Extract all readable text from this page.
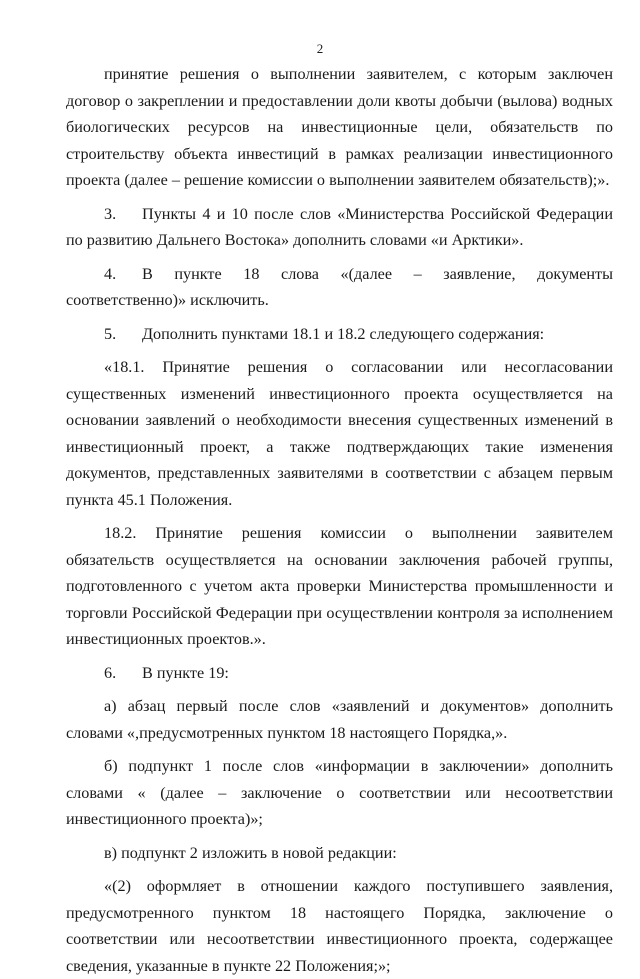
2

принятие решения о выполнении заявителем, с которым заключен договор о закреплении и предоставлении доли квоты добычи (вылова) водных биологических ресурсов на инвестиционные цели, обязательств по строительству объекта инвестиций в рамках реализации инвестиционного проекта (далее – решение комиссии о выполнении заявителем обязательств);».

3. Пункты 4 и 10 после слов «Министерства Российской Федерации по развитию Дальнего Востока» дополнить словами «и Арктики».

4. В пункте 18 слова «(далее – заявление, документы соответственно)» исключить.

5. Дополнить пунктами 18.1 и 18.2 следующего содержания:

«18.1. Принятие решения о согласовании или несогласовании существенных изменений инвестиционного проекта осуществляется на основании заявлений о необходимости внесения существенных изменений в инвестиционный проект, а также подтверждающих такие изменения документов, представленных заявителями в соответствии с абзацем первым пункта 45.1 Положения.

18.2. Принятие решения комиссии о выполнении заявителем обязательств осуществляется на основании заключения рабочей группы, подготовленного с учетом акта проверки Министерства промышленности и торговли Российской Федерации при осуществлении контроля за исполнением инвестиционных проектов.».

6. В пункте 19:

а) абзац первый после слов «заявлений и документов» дополнить словами «,предусмотренных пунктом 18 настоящего Порядка,».

б) подпункт 1 после слов «информации в заключении» дополнить словами « (далее – заключение о соответствии или несоответствии инвестиционного проекта)»;

в) подпункт 2 изложить в новой редакции:

«(2) оформляет в отношении каждого поступившего заявления,
предусмотренного пунктом 18 настоящего Порядка, заключение о соответствии или несоответствии инвестиционного проекта, содержащее сведения, указанные в пункте 22 Положения;»;
